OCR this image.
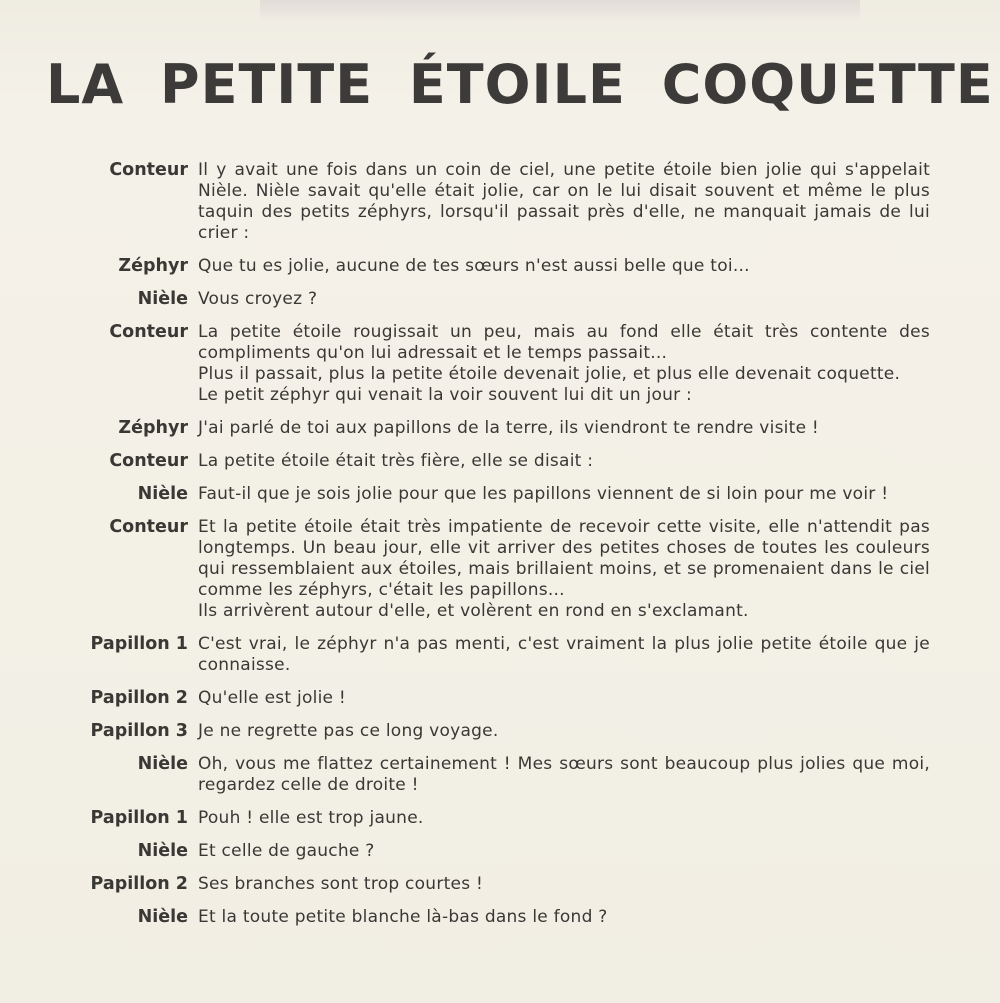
LA PETITE ÉTOILE COQUETTE
Conteur Il y avait une fois dans un coin de ciel, une petite étoile bien jolie qui s'appelait Nièle. Nièle savait qu'elle était jolie, car on le lui disait souvent et même le plus taquin des petits zéphyrs, lorsqu'il passait près d'elle, ne manquait jamais de lui crier :
Zéphyr Que tu es jolie, aucune de tes sœurs n'est aussi belle que toi...
Nièle Vous croyez ?
Conteur La petite étoile rougissait un peu, mais au fond elle était très contente des compliments qu'on lui adressait et le temps passait...
Plus il passait, plus la petite étoile devenait jolie, et plus elle devenait coquette.
Le petit zéphyr qui venait la voir souvent lui dit un jour :
Zéphyr J'ai parlé de toi aux papillons de la terre, ils viendront te rendre visite !
Conteur La petite étoile était très fière, elle se disait :
Nièle Faut-il que je sois jolie pour que les papillons viennent de si loin pour me voir !
Conteur Et la petite étoile était très impatiente de recevoir cette visite, elle n'attendit pas longtemps. Un beau jour, elle vit arriver des petites choses de toutes les couleurs qui ressemblaient aux étoiles, mais brillaient moins, et se promenaient dans le ciel comme les zéphyrs, c'était les papillons...
Ils arrivèrent autour d'elle, et volèrent en rond en s'exclamant.
Papillon 1 C'est vrai, le zéphyr n'a pas menti, c'est vraiment la plus jolie petite étoile que je connaisse.
Papillon 2 Qu'elle est jolie !
Papillon 3 Je ne regrette pas ce long voyage.
Nièle Oh, vous me flattez certainement ! Mes sœurs sont beaucoup plus jolies que moi, regardez celle de droite !
Papillon 1 Pouh ! elle est trop jaune.
Nièle Et celle de gauche ?
Papillon 2 Ses branches sont trop courtes !
Nièle Et la toute petite blanche là-bas dans le fond ?
